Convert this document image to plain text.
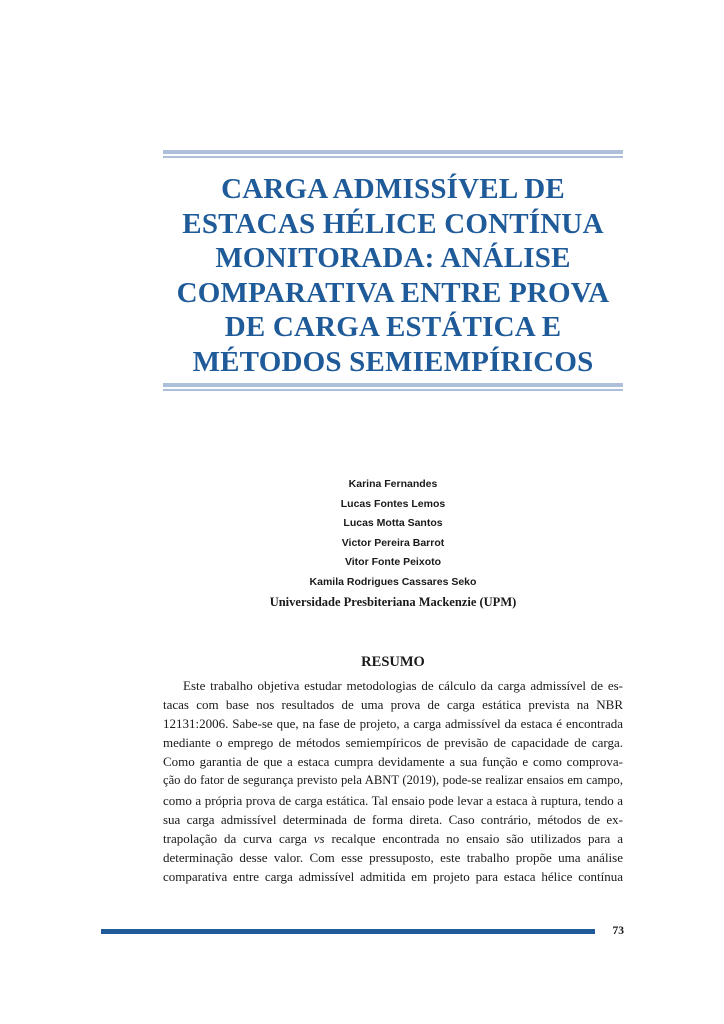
CARGA ADMISSÍVEL DE
ESTACAS HÉLICE CONTÍNUA
MONITORADA: ANÁLISE
COMPARATIVA ENTRE PROVA
DE CARGA ESTÁTICA E
MÉTODOS SEMIEMPÍRICOS
Karina Fernandes
Lucas Fontes Lemos
Lucas Motta Santos
Victor Pereira Barrot
Vitor Fonte Peixoto
Kamila Rodrigues Cassares Seko
Universidade Presbiteriana Mackenzie (UPM)
RESUMO
Este trabalho objetiva estudar metodologias de cálculo da carga admissível de es-
tacas com base nos resultados de uma prova de carga estática prevista na NBR
12131:2006. Sabe-se que, na fase de projeto, a carga admissível da estaca é encontrada
mediante o emprego de métodos semiempíricos de previsão de capacidade de carga.
Como garantia de que a estaca cumpra devidamente a sua função e como comprova-
ção do fator de segurança previsto pela ABNT (2019), pode-se realizar ensaios em campo,
como a própria prova de carga estática. Tal ensaio pode levar a estaca à ruptura, tendo a
sua carga admissível determinada de forma direta. Caso contrário, métodos de ex-
trapolação da curva carga vs recalque encontrada no ensaio são utilizados para a
determinação desse valor. Com esse pressuposto, este trabalho propõe uma análise
comparativa entre carga admissível admitida em projeto para estaca hélice contínua
73
